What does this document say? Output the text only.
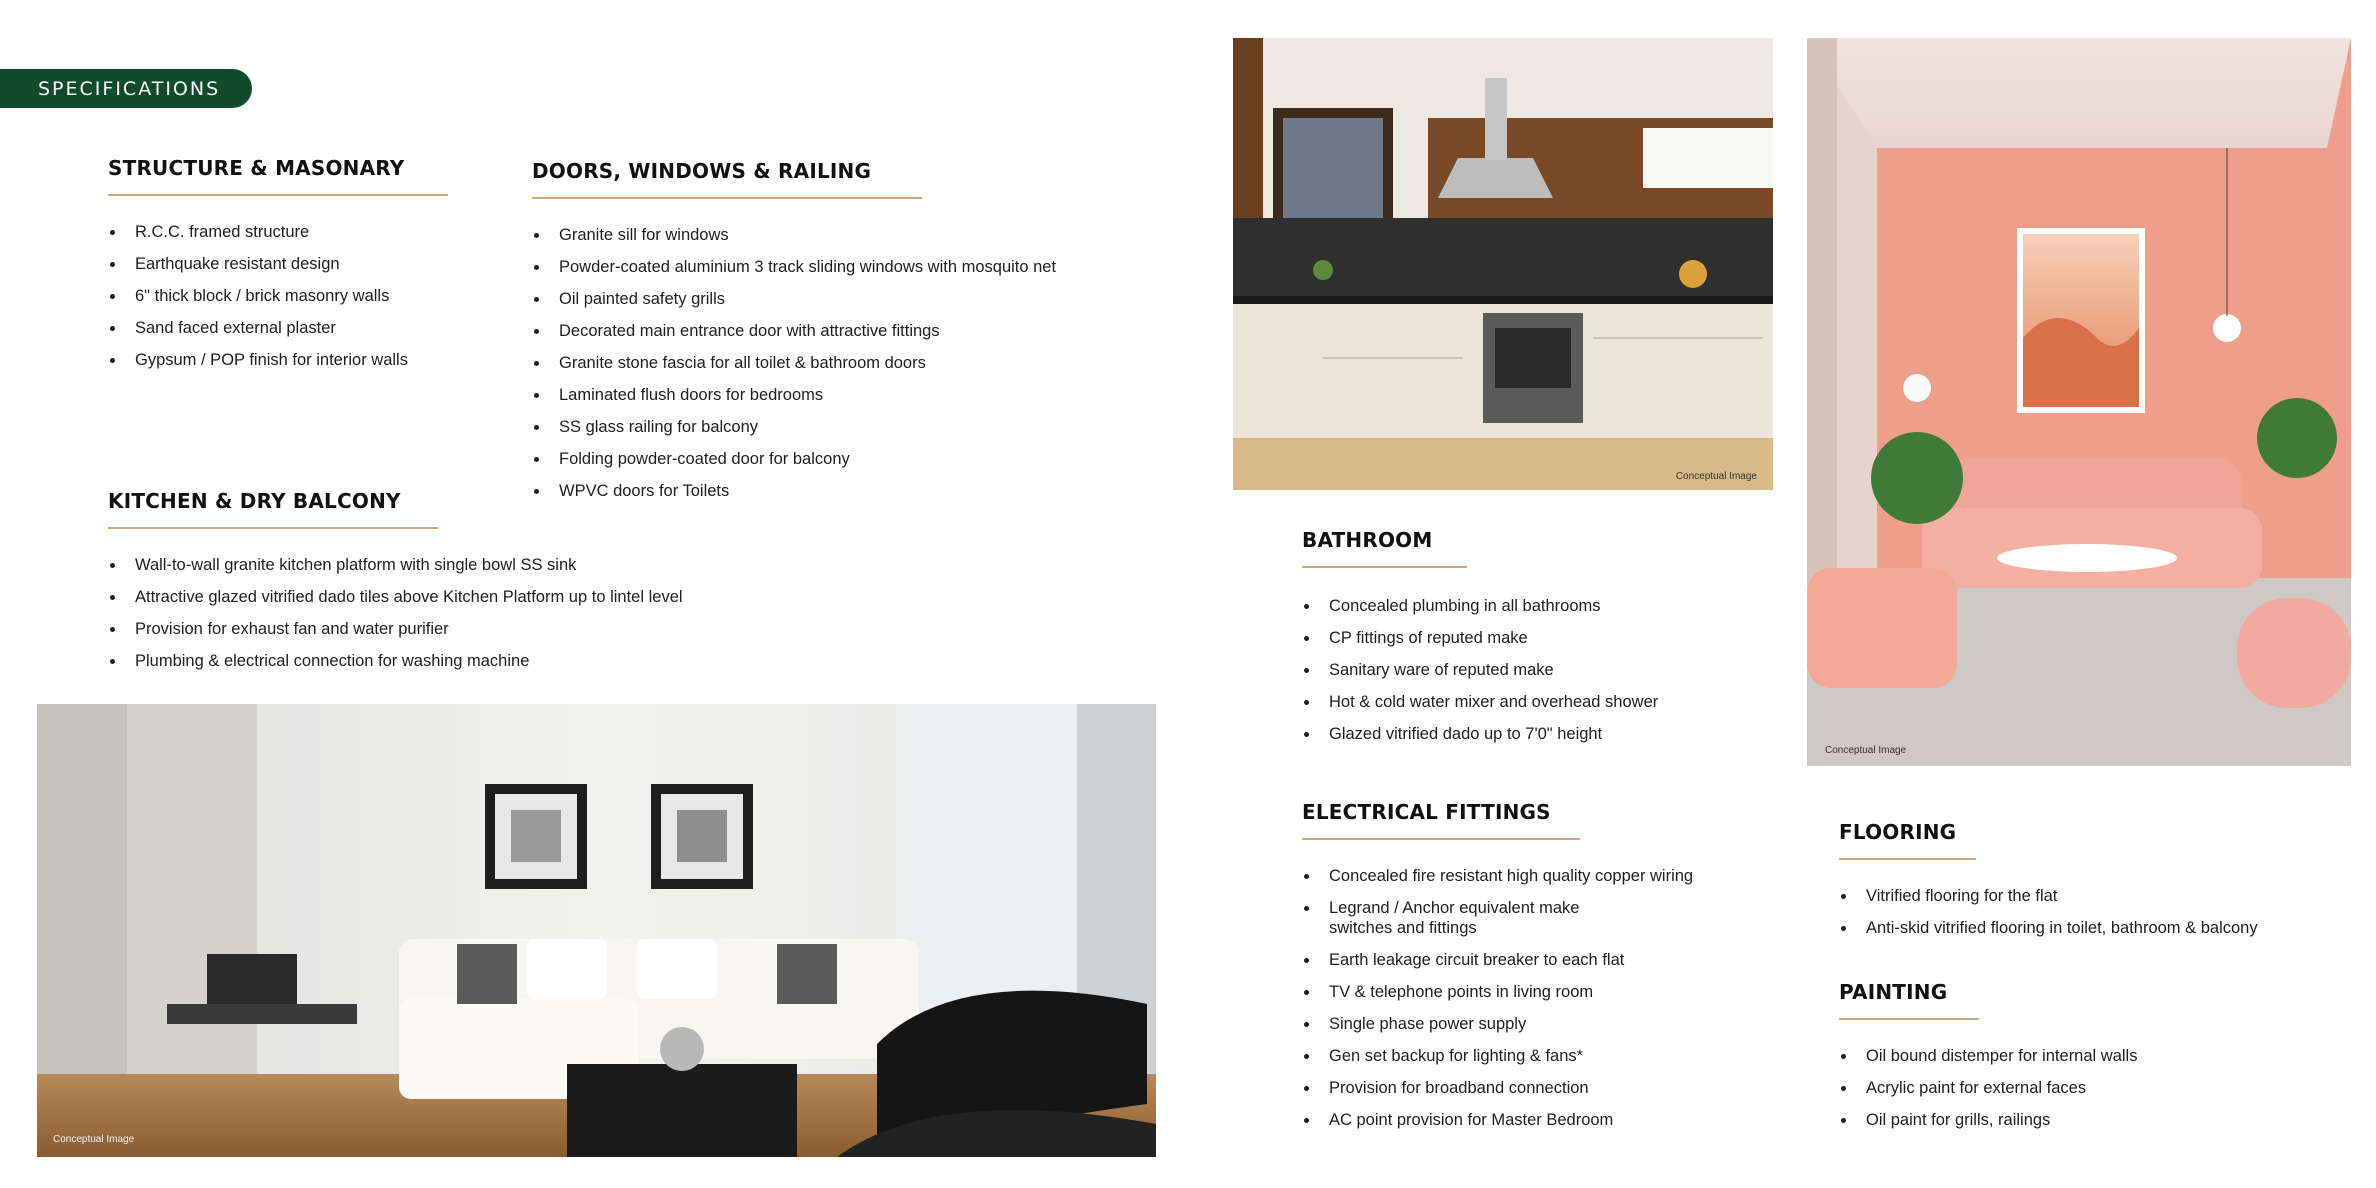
SPECIFICATIONS
STRUCTURE & MASONARY
R.C.C. framed structure
Earthquake resistant design
6" thick block / brick masonry walls
Sand faced external plaster
Gypsum / POP finish for interior walls
DOORS, WINDOWS & RAILING
Granite sill for windows
Powder-coated aluminium 3 track sliding windows with mosquito net
Oil painted safety grills
Decorated main entrance door with attractive fittings
Granite stone fascia for all toilet & bathroom doors
Laminated flush doors for bedrooms
SS glass railing for balcony
Folding powder-coated door for balcony
WPVC doors for Toilets
KITCHEN & DRY BALCONY
Wall-to-wall granite kitchen platform with single bowl SS sink
Attractive glazed vitrified dado tiles above Kitchen Platform up to lintel level
Provision for exhaust fan and water purifier
Plumbing & electrical connection for washing machine
BATHROOM
Concealed plumbing in all bathrooms
CP fittings of reputed make
Sanitary ware of reputed make
Hot & cold water mixer and overhead shower
Glazed vitrified dado up to 7'0" height
ELECTRICAL FITTINGS
Concealed fire resistant high quality copper wiring
Legrand / Anchor equivalent make switches and fittings
Earth leakage circuit breaker to each flat
TV & telephone points in living room
Single phase power supply
Gen set backup for lighting & fans*
Provision for broadband connection
AC point provision for Master Bedroom
FLOORING
Vitrified flooring for the flat
Anti-skid vitrified flooring in toilet, bathroom & balcony
PAINTING
Oil bound distemper for internal walls
Acrylic paint for external faces
Oil paint for grills, railings
Conceptual Image
Conceptual Image
Conceptual Image
